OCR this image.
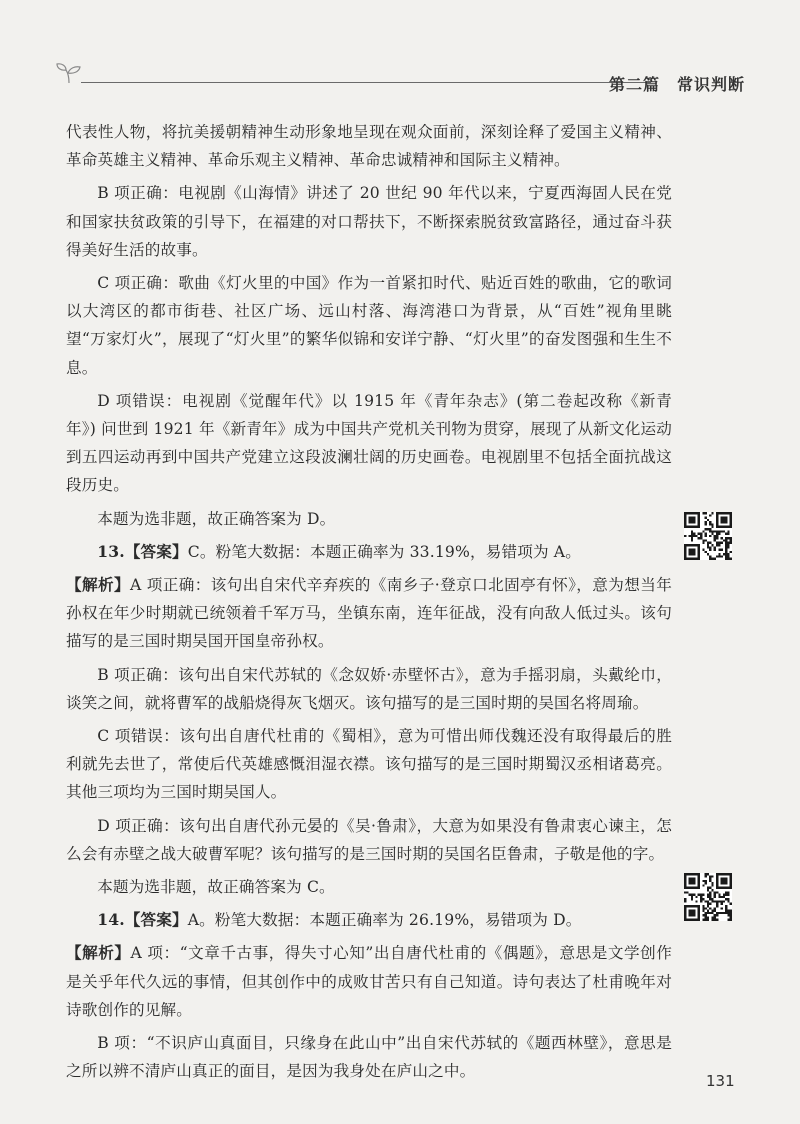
第二篇　常识判断

代表性人物，将抗美援朝精神生动形象地呈现在观众面前，深刻诠释了爱国主义精神、革命英雄主义精神、革命乐观主义精神、革命忠诚精神和国际主义精神。

B 项正确：电视剧《山海情》讲述了 20 世纪 90 年代以来，宁夏西海固人民在党和国家扶贫政策的引导下，在福建的对口帮扶下，不断探索脱贫致富路径，通过奋斗获得美好生活的故事。

C 项正确：歌曲《灯火里的中国》作为一首紧扣时代、贴近百姓的歌曲，它的歌词以大湾区的都市街巷、社区广场、远山村落、海湾港口为背景，从“百姓”视角里眺望“万家灯火”，展现了“灯火里”的繁华似锦和安详宁静、“灯火里”的奋发图强和生生不息。

D 项错误：电视剧《觉醒年代》以 1915 年《青年杂志》(第二卷起改称《新青年》) 问世到 1921 年《新青年》成为中国共产党机关刊物为贯穿，展现了从新文化运动到五四运动再到中国共产党建立这段波澜壮阔的历史画卷。电视剧里不包括全面抗战这段历史。

本题为选非题，故正确答案为 D。

13.【答案】C。粉笔大数据：本题正确率为 33.19%，易错项为 A。

【解析】A 项正确：该句出自宋代辛弃疾的《南乡子·登京口北固亭有怀》，意为想当年孙权在年少时期就已统领着千军万马，坐镇东南，连年征战，没有向敌人低过头。该句描写的是三国时期吴国开国皇帝孙权。

B 项正确：该句出自宋代苏轼的《念奴娇·赤壁怀古》，意为手摇羽扇，头戴纶巾，谈笑之间，就将曹军的战船烧得灰飞烟灭。该句描写的是三国时期的吴国名将周瑜。

C 项错误：该句出自唐代杜甫的《蜀相》，意为可惜出师伐魏还没有取得最后的胜利就先去世了，常使后代英雄感慨泪湿衣襟。该句描写的是三国时期蜀汉丞相诸葛亮。其他三项均为三国时期吴国人。

D 项正确：该句出自唐代孙元晏的《吴·鲁肃》，大意为如果没有鲁肃衷心谏主，怎么会有赤壁之战大破曹军呢？该句描写的是三国时期的吴国名臣鲁肃，子敬是他的字。

本题为选非题，故正确答案为 C。

14.【答案】A。粉笔大数据：本题正确率为 26.19%，易错项为 D。

【解析】A 项：“文章千古事，得失寸心知”出自唐代杜甫的《偶题》，意思是文学创作是关乎年代久远的事情，但其创作中的成败甘苦只有自己知道。诗句表达了杜甫晚年对诗歌创作的见解。

B 项：“不识庐山真面目，只缘身在此山中”出自宋代苏轼的《题西林壁》，意思是之所以辨不清庐山真正的面目，是因为我身处在庐山之中。

131
